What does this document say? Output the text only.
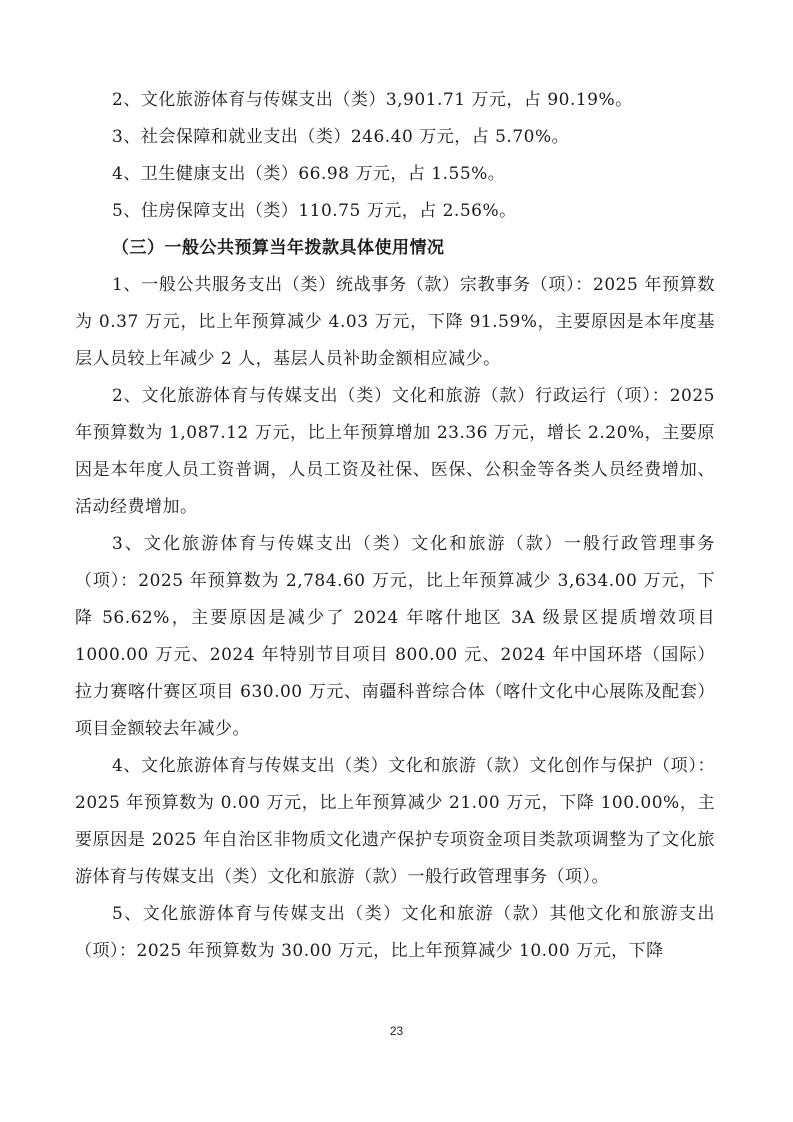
2、文化旅游体育与传媒支出（类）3,901.71 万元，占 90.19%。

3、社会保障和就业支出（类）246.40 万元，占 5.70%。

4、卫生健康支出（类）66.98 万元，占 1.55%。

5、住房保障支出（类）110.75 万元，占 2.56%。

（三）一般公共预算当年拨款具体使用情况

1、一般公共服务支出（类）统战事务（款）宗教事务（项）：2025 年预算数为 0.37 万元，比上年预算减少 4.03 万元，下降 91.59%，主要原因是本年度基层人员较上年减少 2 人，基层人员补助金额相应减少。

2、文化旅游体育与传媒支出（类）文化和旅游（款）行政运行（项）：2025 年预算数为 1,087.12 万元，比上年预算增加 23.36 万元，增长 2.20%，主要原因是本年度人员工资普调，人员工资及社保、医保、公积金等各类人员经费增加、活动经费增加。

3、文化旅游体育与传媒支出（类）文化和旅游（款）一般行政管理事务（项）：2025 年预算数为 2,784.60 万元，比上年预算减少 3,634.00 万元，下降 56.62%，主要原因是减少了 2024 年喀什地区 3A 级景区提质增效项目 1000.00 万元、2024 年特别节目项目 800.00 元、2024 年中国环塔（国际）拉力赛喀什赛区项目 630.00 万元、南疆科普综合体（喀什文化中心展陈及配套）项目金额较去年减少。

4、文化旅游体育与传媒支出（类）文化和旅游（款）文化创作与保护（项）：2025 年预算数为 0.00 万元，比上年预算减少 21.00 万元，下降 100.00%，主要原因是 2025 年自治区非物质文化遗产保护专项资金项目类款项调整为了文化旅游体育与传媒支出（类）文化和旅游（款）一般行政管理事务（项）。

5、文化旅游体育与传媒支出（类）文化和旅游（款）其他文化和旅游支出（项）：2025 年预算数为 30.00 万元，比上年预算减少 10.00 万元，下降

23
